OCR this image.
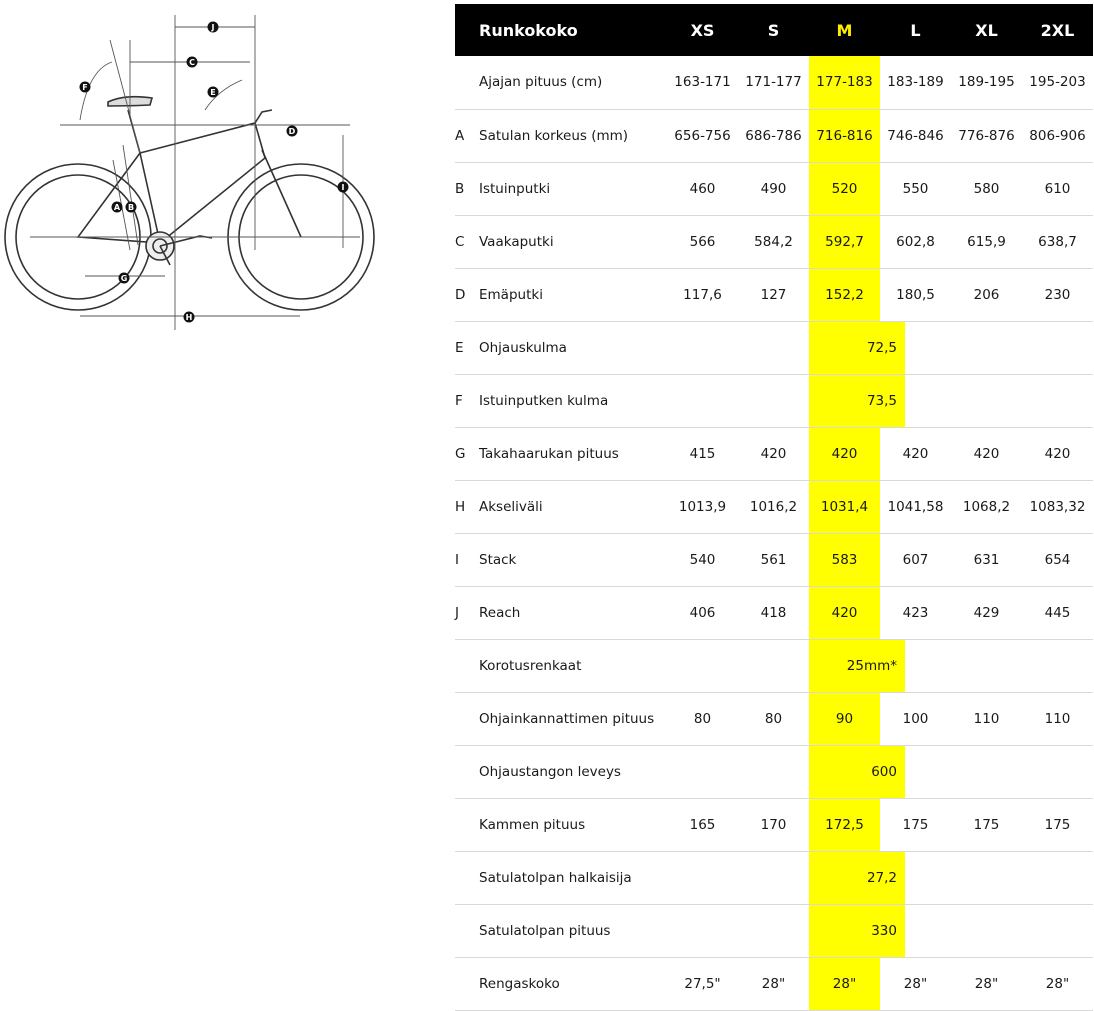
J
C
F
E
D
I
A B
G
H
Runkokoko	XS	S	M	L	XL	2XL

Ajajan pituus (cm)	163-171	171-177	177-183	183-189	189-195	195-203

A Satulan korkeus (mm)	656-756	686-786	716-816	746-846	776-876	806-906

B Istuinputki	460	490	520	550	580	610

C Vaakaputki	566	584,2	592,7	602,8	615,9	638,7

D Emäputki	117,6	127	152,2	180,5	206	230

E Ohjauskulma			72,5			

F Istuinputken kulma			73,5			

G Takahaarukan pituus	415	420	420	420	420	420

H Akseliväli	1013,9	1016,2	1031,4	1041,58	1068,2	1083,32

I Stack	540	561	583	607	631	654

J Reach	406	418	420	423	429	445

Korotusrenkaat			25mm*			

Ohjainkannattimen pituus	80	80	90	100	110	110

Ohjaustangon leveys			600			

Kammen pituus	165	170	172,5	175	175	175

Satulatolpan halkaisija			27,2			

Satulatolpan pituus			330			

Rengaskoko	27,5"	28"	28"	28"	28"	28"
